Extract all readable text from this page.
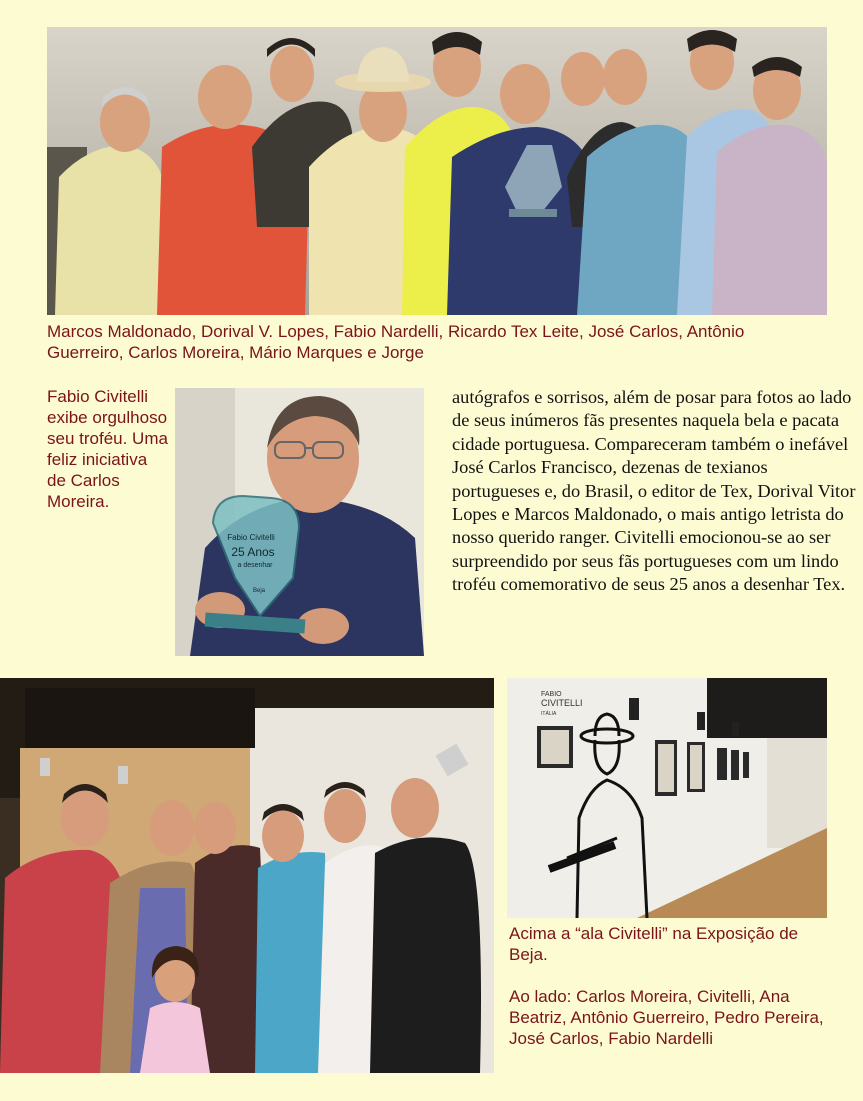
Marcos Maldonado, Dorival V. Lopes, Fabio Nardelli, Ricardo Tex Leite, José Carlos, Antônio Guerreiro, Carlos Moreira, Mário Marques e Jorge
Fabio Civitelli exibe orgulhoso seu troféu. Uma feliz iniciativa de Carlos Moreira.
Fabio Civitelli
25 Anos
a desenhar
Beja

autógrafos e sorrisos, além de posar para fotos ao lado de seus inúmeros fãs presentes naquela bela e pacata cidade portuguesa. Compareceram também o inefável José Carlos Francisco, dezenas de texianos portugueses e, do Brasil, o editor de Tex, Dorival Vitor Lopes e Marcos Maldonado, o mais antigo letrista do nosso querido ranger. Civitelli emocionou-se ao ser surpreendido por seus fãs portugueses com um lindo troféu comemorativo de seus 25 anos a desenhar Tex.

FABIO
CIVITELLI
ITÁLIA
Acima a “ala Civitelli” na Exposição de Beja.
Ao lado: Carlos Moreira, Civitelli, Ana Beatriz, Antônio Guerreiro, Pedro Pereira, José Carlos, Fabio Nardelli
